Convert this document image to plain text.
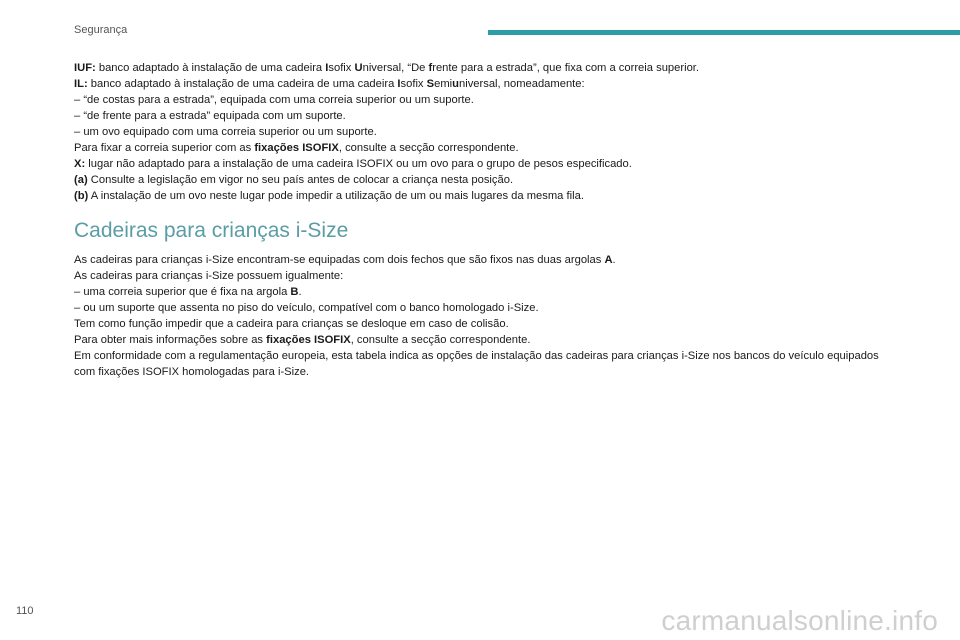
Segurança
IUF: banco adaptado à instalação de uma cadeira Isofix Universal, “De frente para a estrada”, que fixa com a correia superior.
IL: banco adaptado à instalação de uma cadeira de uma cadeira Isofix Semiuniversal, nomeadamente:
– “de costas para a estrada”, equipada com uma correia superior ou um suporte.
– “de frente para a estrada” equipada com um suporte.
– um ovo equipado com uma correia superior ou um suporte.
Para fixar a correia superior com as fixações ISOFIX, consulte a secção correspondente.
X: lugar não adaptado para a instalação de uma cadeira ISOFIX ou um ovo para o grupo de pesos especificado.
(a) Consulte a legislação em vigor no seu país antes de colocar a criança nesta posição.
(b) A instalação de um ovo neste lugar pode impedir a utilização de um ou mais lugares da mesma fila.
Cadeiras para crianças i-Size
As cadeiras para crianças i-Size encontram-se equipadas com dois fechos que são fixos nas duas argolas A.
As cadeiras para crianças i-Size possuem igualmente:
– uma correia superior que é fixa na argola B.
– ou um suporte que assenta no piso do veículo, compatível com o banco homologado i-Size.
Tem como função impedir que a cadeira para crianças se desloque em caso de colisão.
Para obter mais informações sobre as fixações ISOFIX, consulte a secção correspondente.
Em conformidade com a regulamentação europeia, esta tabela indica as opções de instalação das cadeiras para crianças i-Size nos bancos do veículo equipados
com fixações ISOFIX homologadas para i-Size.
110	carmanualsonline.info
